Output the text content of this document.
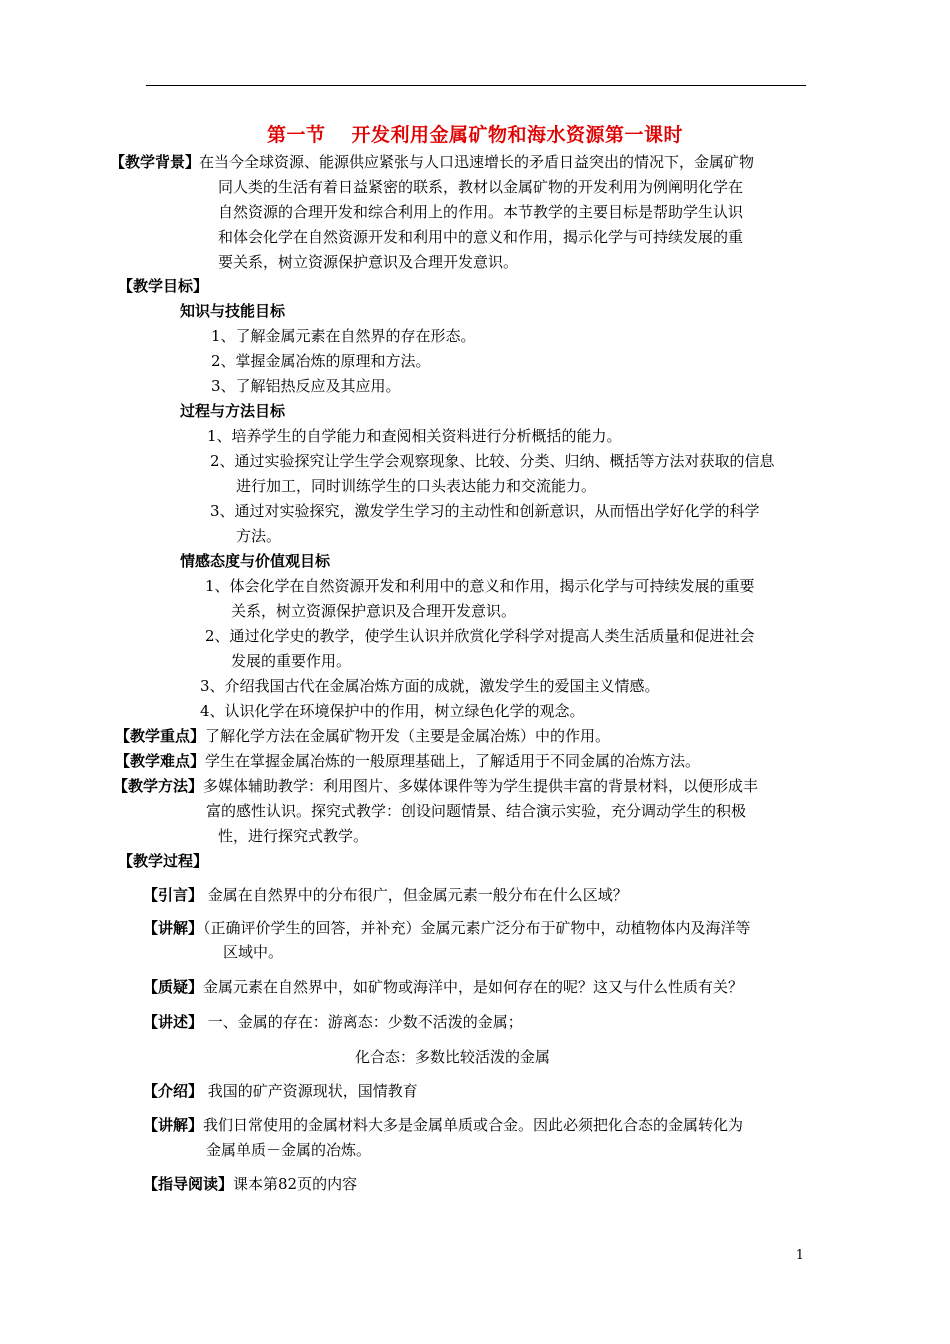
第一节 开发利用金属矿物和海水资源第一课时
【教学背景】
在当今全球资源、能源供应紧张与人口迅速增长的矛盾日益突出的情况下，金属矿物
同人类的生活有着日益紧密的联系，教材以金属矿物的开发利用为例阐明化学在
自然资源的合理开发和综合利用上的作用。本节教学的主要目标是帮助学生认识
和体会化学在自然资源开发和利用中的意义和作用，揭示化学与可持续发展的重
要关系，树立资源保护意识及合理开发意识。
【教学目标】
知识与技能目标
1、了解金属元素在自然界的存在形态。
2、掌握金属冶炼的原理和方法。
3、了解铝热反应及其应用。
过程与方法目标
1、培养学生的自学能力和查阅相关资料进行分析概括的能力。
2、通过实验探究让学生学会观察现象、比较、分类、归纳、概括等方法对获取的信息
进行加工，同时训练学生的口头表达能力和交流能力。
3、通过对实验探究，激发学生学习的主动性和创新意识，从而悟出学好化学的科学
方法。
情感态度与价值观目标
1、体会化学在自然资源开发和利用中的意义和作用，揭示化学与可持续发展的重要
关系，树立资源保护意识及合理开发意识。
2、通过化学史的教学，使学生认识并欣赏化学科学对提高人类生活质量和促进社会
发展的重要作用。
3、介绍我国古代在金属冶炼方面的成就，激发学生的爱国主义情感。
4、认识化学在环境保护中的作用，树立绿色化学的观念。
【教学重点】了解化学方法在金属矿物开发（主要是金属冶炼）中的作用。
【教学难点】学生在掌握金属冶炼的一般原理基础上，了解适用于不同金属的冶炼方法。
【教学方法】多媒体辅助教学：利用图片、多媒体课件等为学生提供丰富的背景材料，以便形成丰
富的感性认识。探究式教学：创设问题情景、结合演示实验，充分调动学生的积极
性，进行探究式教学。
【教学过程】
【引言】 金属在自然界中的分布很广，但金属元素一般分布在什么区域？
【讲解】（正确评价学生的回答，并补充）金属元素广泛分布于矿物中，动植物体内及海洋等
区域中。
【质疑】金属元素在自然界中，如矿物或海洋中，是如何存在的呢？这又与什么性质有关？
【讲述】 一、金属的存在：游离态：少数不活泼的金属；
化合态：多数比较活泼的金属
【介绍】 我国的矿产资源现状，国情教育
【讲解】我们日常使用的金属材料大多是金属单质或合金。因此必须把化合态的金属转化为
金属单质－金属的冶炼。
【指导阅读】课本第82页的内容
1
